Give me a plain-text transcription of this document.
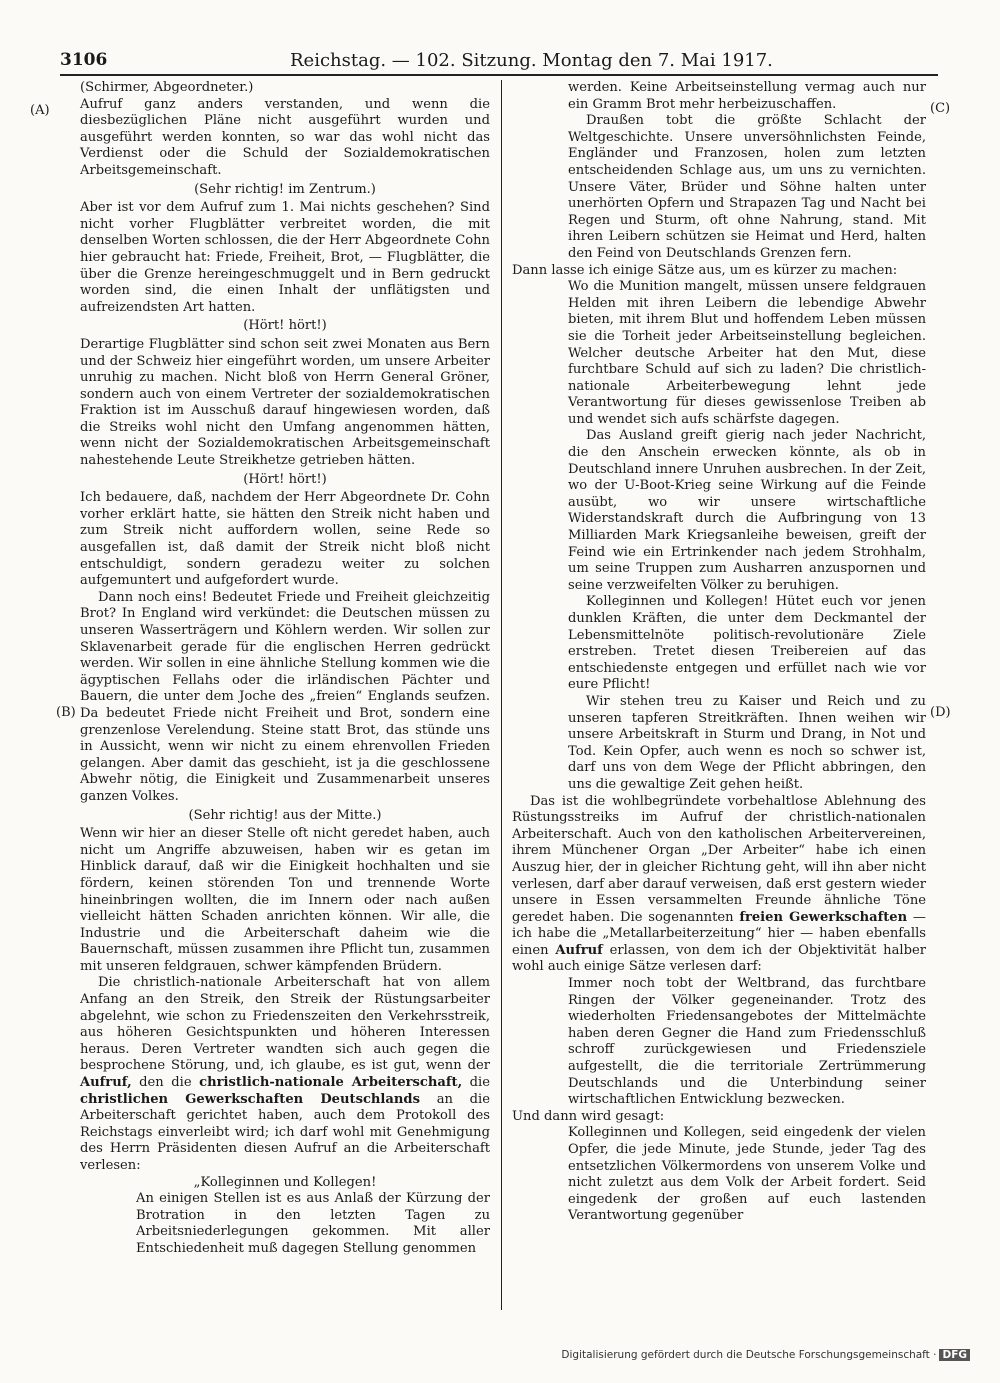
3106	Reichstag. — 102. Sitzung. Montag den 7. Mai 1917.
(A)
(B)
(C)
(D)

(Schirmer, Abgeordneter.)

Aufruf ganz anders verstanden, und wenn die diesbezüglichen Pläne nicht ausgeführt wurden und ausgeführt werden konnten, so war das wohl nicht das Verdienst oder die Schuld der Sozialdemokratischen Arbeitsgemeinschaft.

(Sehr richtig! im Zentrum.)

Aber ist vor dem Aufruf zum 1. Mai nichts geschehen? Sind nicht vorher Flugblätter verbreitet worden, die mit denselben Worten schlossen, die der Herr Abgeordnete Cohn hier gebraucht hat: Friede, Freiheit, Brot, — Flugblätter, die über die Grenze hereingeschmuggelt und in Bern gedruckt worden sind, die einen Inhalt der unflätigsten und aufreizendsten Art hatten.

(Hört! hört!)

Derartige Flugblätter sind schon seit zwei Monaten aus Bern und der Schweiz hier eingeführt worden, um unsere Arbeiter unruhig zu machen. Nicht bloß von Herrn General Gröner, sondern auch von einem Vertreter der sozialdemokratischen Fraktion ist im Ausschuß darauf hingewiesen worden, daß die Streiks wohl nicht den Umfang angenommen hätten, wenn nicht der Sozialdemokratischen Arbeitsgemeinschaft nahestehende Leute Streikhetze getrieben hätten.

(Hört! hört!)

Ich bedauere, daß, nachdem der Herr Abgeordnete Dr. Cohn vorher erklärt hatte, sie hätten den Streik nicht haben und zum Streik nicht auffordern wollen, seine Rede so ausgefallen ist, daß damit der Streik nicht bloß nicht entschuldigt, sondern geradezu weiter zu solchen aufgemuntert und aufgefordert wurde.

Dann noch eins! Bedeutet Friede und Freiheit gleichzeitig Brot? In England wird verkündet: die Deutschen müssen zu unseren Wasserträgern und Köhlern werden. Wir sollen zur Sklavenarbeit gerade für die englischen Herren gedrückt werden. Wir sollen in eine ähnliche Stellung kommen wie die ägyptischen Fellahs oder die irländischen Pächter und Bauern, die unter dem Joche des „freien“ Englands seufzen. Da bedeutet Friede nicht Freiheit und Brot, sondern eine grenzenlose Verelendung. Steine statt Brot, das stünde uns in Aussicht, wenn wir nicht zu einem ehrenvollen Frieden gelangen. Aber damit das geschieht, ist ja die geschlossene Abwehr nötig, die Einigkeit und Zusammenarbeit unseres ganzen Volkes.

(Sehr richtig! aus der Mitte.)

Wenn wir hier an dieser Stelle oft nicht geredet haben, auch nicht um Angriffe abzuweisen, haben wir es getan im Hinblick darauf, daß wir die Einigkeit hochhalten und sie fördern, keinen störenden Ton und trennende Worte hineinbringen wollten, die im Innern oder nach außen vielleicht hätten Schaden anrichten können. Wir alle, die Industrie und die Arbeiterschaft daheim wie die Bauernschaft, müssen zusammen ihre Pflicht tun, zusammen mit unseren feldgrauen, schwer kämpfenden Brüdern.

Die christlich-nationale Arbeiterschaft hat von allem Anfang an den Streik, den Streik der Rüstungsarbeiter abgelehnt, wie schon zu Friedenszeiten den Verkehrsstreik, aus höheren Gesichtspunkten und höheren Interessen heraus. Deren Vertreter wandten sich auch gegen die besprochene Störung, und, ich glaube, es ist gut, wenn der Aufruf, den die christlich-nationale Arbeiterschaft, die christlichen Gewerkschaften Deutschlands an die Arbeiterschaft gerichtet haben, auch dem Protokoll des Reichstags einverleibt wird; ich darf wohl mit Genehmigung des Herrn Präsidenten diesen Aufruf an die Arbeiterschaft verlesen:

„Kolleginnen und Kollegen!

An einigen Stellen ist es aus Anlaß der Kürzung der Brotration in den letzten Tagen zu Arbeitsniederlegungen gekommen. Mit aller Entschiedenheit muß dagegen Stellung genommen

werden. Keine Arbeitseinstellung vermag auch nur ein Gramm Brot mehr herbeizuschaffen.

Draußen tobt die größte Schlacht der Weltgeschichte. Unsere unversöhnlichsten Feinde, Engländer und Franzosen, holen zum letzten entscheidenden Schlage aus, um uns zu vernichten. Unsere Väter, Brüder und Söhne halten unter unerhörten Opfern und Strapazen Tag und Nacht bei Regen und Sturm, oft ohne Nahrung, stand. Mit ihren Leibern schützen sie Heimat und Herd, halten den Feind von Deutschlands Grenzen fern.

Dann lasse ich einige Sätze aus, um es kürzer zu machen:

Wo die Munition mangelt, müssen unsere feldgrauen Helden mit ihren Leibern die lebendige Abwehr bieten, mit ihrem Blut und hoffendem Leben müssen sie die Torheit jeder Arbeitseinstellung begleichen. Welcher deutsche Arbeiter hat den Mut, diese furchtbare Schuld auf sich zu laden? Die christlich-nationale Arbeiterbewegung lehnt jede Verantwortung für dieses gewissenlose Treiben ab und wendet sich aufs schärfste dagegen.

Das Ausland greift gierig nach jeder Nachricht, die den Anschein erwecken könnte, als ob in Deutschland innere Unruhen ausbrechen. In der Zeit, wo der U-Boot-Krieg seine Wirkung auf die Feinde ausübt, wo wir unsere wirtschaftliche Widerstandskraft durch die Aufbringung von 13 Milliarden Mark Kriegsanleihe beweisen, greift der Feind wie ein Ertrinkender nach jedem Strohhalm, um seine Truppen zum Ausharren anzuspornen und seine verzweifelten Völker zu beruhigen.

Kolleginnen und Kollegen! Hütet euch vor jenen dunklen Kräften, die unter dem Deckmantel der Lebensmittelnöte politisch-revolutionäre Ziele erstreben. Tretet diesen Treibereien auf das entschiedenste entgegen und erfüllet nach wie vor eure Pflicht!

Wir stehen treu zu Kaiser und Reich und zu unseren tapferen Streitkräften. Ihnen weihen wir unsere Arbeitskraft in Sturm und Drang, in Not und Tod. Kein Opfer, auch wenn es noch so schwer ist, darf uns von dem Wege der Pflicht abbringen, den uns die gewaltige Zeit gehen heißt.

Das ist die wohlbegründete vorbehaltlose Ablehnung des Rüstungsstreiks im Aufruf der christlich-nationalen Arbeiterschaft. Auch von den katholischen Arbeitervereinen, ihrem Münchener Organ „Der Arbeiter“ habe ich einen Auszug hier, der in gleicher Richtung geht, will ihn aber nicht verlesen, darf aber darauf verweisen, daß erst gestern wieder unsere in Essen versammelten Freunde ähnliche Töne geredet haben. Die sogenannten freien Gewerkschaften — ich habe die „Metallarbeiterzeitung“ hier — haben ebenfalls einen Aufruf erlassen, von dem ich der Objektivität halber wohl auch einige Sätze verlesen darf:

Immer noch tobt der Weltbrand, das furchtbare Ringen der Völker gegeneinander. Trotz des wiederholten Friedensangebotes der Mittelmächte haben deren Gegner die Hand zum Friedensschluß schroff zurückgewiesen und Friedensziele aufgestellt, die die territoriale Zertrümmerung Deutschlands und die Unterbindung seiner wirtschaftlichen Entwicklung bezwecken.

Und dann wird gesagt:

Kolleginnen und Kollegen, seid eingedenk der vielen Opfer, die jede Minute, jede Stunde, jeder Tag des entsetzlichen Völkermordens von unserem Volke und nicht zuletzt aus dem Volk der Arbeit fordert. Seid eingedenk der großen auf euch lastenden Verantwortung gegenüber

Digitalisierung gefördert durch die Deutsche Forschungsgemeinschaft · DFG
